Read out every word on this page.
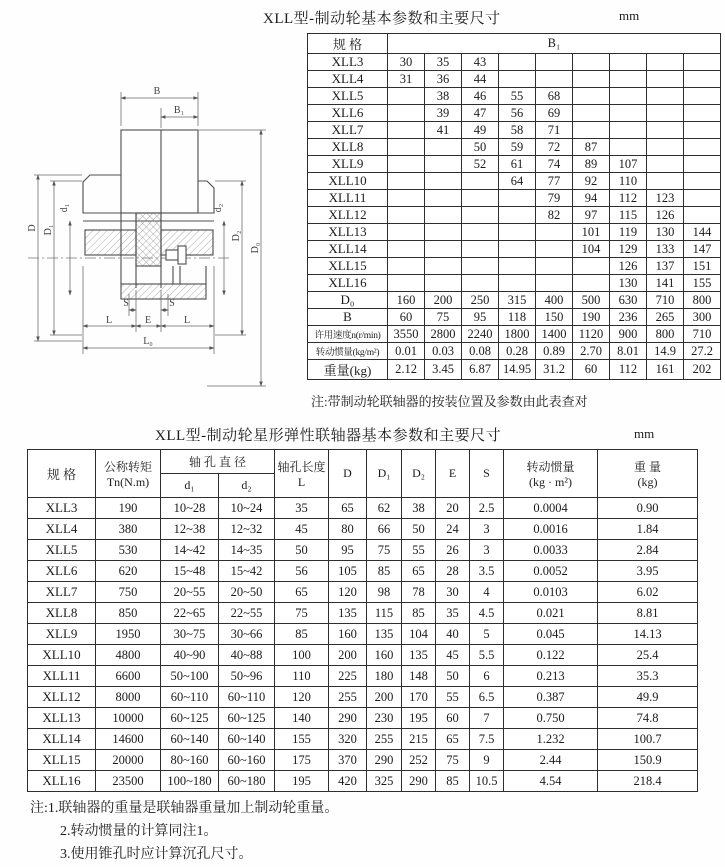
XLL型-制动轮基本参数和主要尺寸	mm
B
B₁
D D₁
d₁	d₂
D₂
D₀
S	S
L	E	L
L₀
规 格	B₁								
XLL3	30	35	43						
XLL4	31	36	44						
XLL5		38	46	55	68				
XLL6		39	47	56	69				
XLL7		41	49	58	71				
XLL8			50	59	72	87			
XLL9			52	61	74	89	107		
XLL10				64	77	92	110		
XLL11					79	94	112	123	
XLL12					82	97	115	126	
XLL13						101	119	130	144
XLL14						104	129	133	147
XLL15							126	137	151
XLL16							130	141	155
D₀	160	200	250	315	400	500	630	710	800
B	60	75	95	118	150	190	236	265	300
许用速度n(r/min)	3550	2800	2240	1800	1400	1120	900	800	710
转动惯量(kg/m²)	0.01	0.03	0.08	0.28	0.89	2.70	8.01	14.9	27.2
重量(kg)	2.12	3.45	6.87	14.95	31.2	60	112	161	202
注:带制动轮联轴器的按装位置及参数由此表查对
XLL型-制动轮星形弹性联轴器基本参数和主要尺寸	mm
规 格	
公称转矩
Tn(N.m)
	轴 孔 直 径	轴孔长度
L
	D	D₁	D₂	E	S	转动惯量
(kg · m²)

重 量
(kg)

		d₁	d₂								
XLL3	190	10~28	10~24	35	65	62	38	20	2.5	0.0004	0.90
XLL4	380	12~38	12~32	45	80	66	50	24	3	0.0016	1.84
XLL5	530	14~42	14~35	50	95	75	55	26	3	0.0033	2.84
XLL6	620	15~48	15~42	56	105	85	65	28	3.5	0.0052	3.95
XLL7	750	20~55	20~50	65	120	98	78	30	4	0.0103	6.02
XLL8	850	22~65	22~55	75	135	115	85	35	4.5	0.021	8.81
XLL9	1950	30~75	30~66	85	160	135	104	40	5	0.045	14.13
XLL10	4800	40~90	40~88	100	200	160	135	45	5.5	0.122	25.4
XLL11	6600	50~100	50~96	110	225	180	148	50	6	0.213	35.3
XLL12	8000	60~110	60~110	120	255	200	170	55	6.5	0.387	49.9
XLL13	10000	60~125	60~125	140	290	230	195	60	7	0.750	74.8
XLL14	14600	60~140	60~140	155	320	255	215	65	7.5	1.232	100.7
XLL15	20000	80~160	60~160	175	370	290	252	75	9	2.44	150.9
XLL16	23500	100~180	60~180	195	420	325	290	85	10.5	4.54	218.4
注:1.联轴器的重量是联轴器重量加上制动轮重量。
2.转动惯量的计算同注1。
3.使用锥孔时应计算沉孔尺寸。
